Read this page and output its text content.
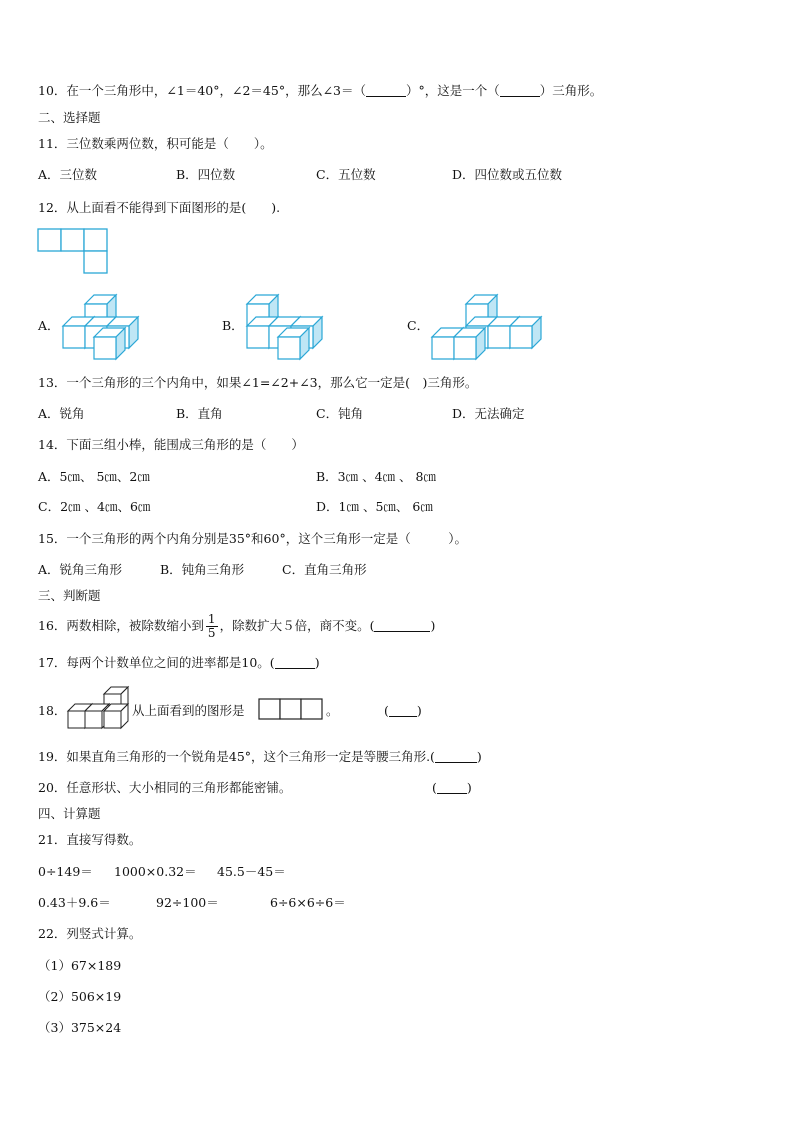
10．在一个三角形中，∠1＝40°，∠2＝45°，那么∠3＝（	）°，这是一个（	）三角形。
二、选择题
11．三位数乘两位数，积可能是（　　）。
A．三位数	B．四位数	C．五位数	D．四位数或五位数
12．从上面看不能得到下面图形的是(　　).
A．	B．	C．
13．一个三角形的三个内角中，如果∠1=∠2+∠3，那么它一定是(　)三角形。
A．锐角	B．直角	C．钝角	D．无法确定
14．下面三组小棒，能围成三角形的是（　　）
A．5㎝、 5㎝、2㎝	B．3㎝ 、4㎝ 、 8㎝
C．2㎝ 、4㎝、6㎝	D．1㎝ 、5㎝、 6㎝
15．一个三角形的两个内角分别是35°和60°，这个三角形一定是（　　　）。
A．锐角三角形	B．钝角三角形	C．直角三角形
三、判断题
16．两数相除，被除数缩小到 $\frac{1}{5}$ ，除数扩大５倍，商不变。(	)
17．每两个计数单位之间的进率都是10。(	)
18．	从上面看到的图形是	。	( )
19．如果直角三角形的一个锐角是45°，这个三角形一定是等腰三角形.(	)
20．任意形状、大小相同的三角形都能密铺。	( )
四、计算题
21．直接写得数。
0÷149＝ 1000×0.32＝ 45.5－45＝
0.43＋9.6＝	92÷100＝	6÷6×6÷6＝
22．列竖式计算。
（1）67×189
（2）506×19
（3）375×24
